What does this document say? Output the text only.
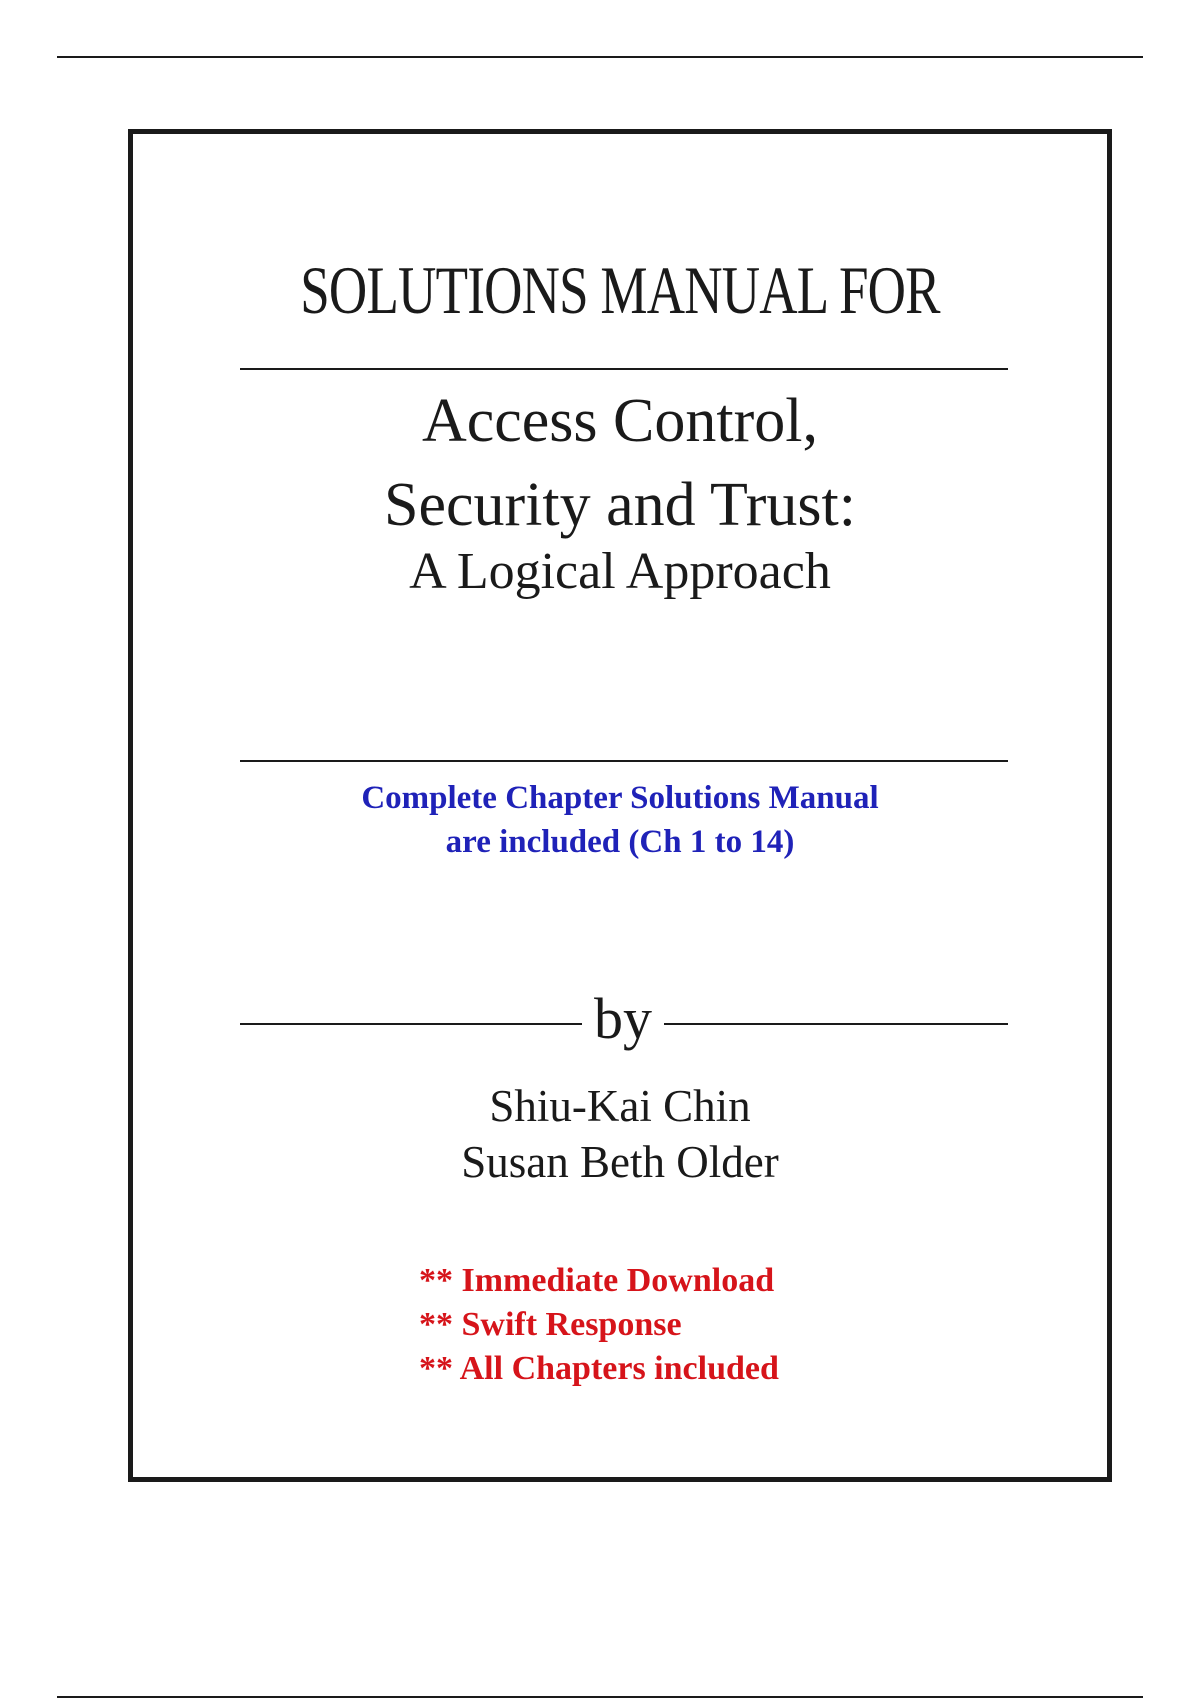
SOLUTIONS MANUAL FOR
Access Control,
Security and Trust:
A Logical Approach
Complete Chapter Solutions Manual
are included (Ch 1 to 14)
by
Shiu-Kai Chin
Susan Beth Older
** Immediate Download
** Swift Response
** All Chapters included
